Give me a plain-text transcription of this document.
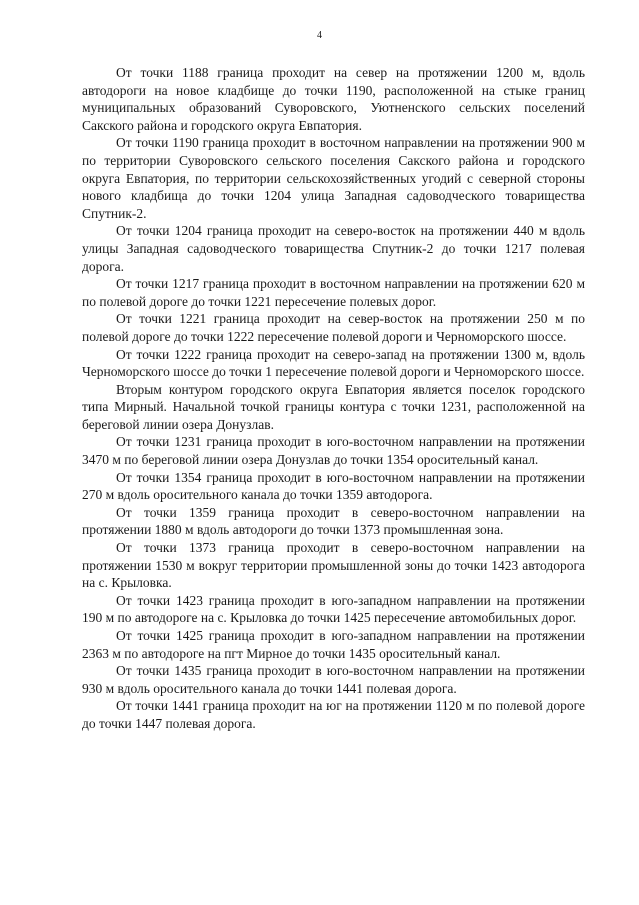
4

От точки 1188 граница проходит на север на протяжении 1200 м, вдоль автодороги на новое кладбище до точки 1190, расположенной на стыке границ муниципальных образований Суворовского, Уютненского сельских поселений Сакского района и городского округа Евпатория.

От точки 1190 граница проходит в восточном направлении на протяжении 900 м по территории Суворовского сельского поселения Сакского района и городского округа Евпатория, по территории сельскохозяйственных угодий с северной стороны нового кладбища до точки 1204 улица Западная садоводческого товарищества Спутник-2.

От точки 1204 граница проходит на северо-восток на протяжении 440 м вдоль улицы Западная садоводческого товарищества Спутник-2 до точки 1217 полевая дорога.

От точки 1217 граница проходит в восточном направлении на протяжении 620 м по полевой дороге до точки 1221 пересечение полевых дорог.

От точки 1221 граница проходит на север-восток на протяжении 250 м по полевой дороге до точки 1222 пересечение полевой дороги и Черноморского шоссе.

От точки 1222 граница проходит на северо-запад на протяжении 1300 м, вдоль Черноморского шоссе до точки 1 пересечение полевой дороги и Черноморского шоссе.

Вторым контуром городского округа Евпатория является поселок городского типа Мирный. Начальной точкой границы контура с точки 1231, расположенной на береговой линии озера Донузлав.

От точки 1231 граница проходит в юго-восточном направлении на протяжении 3470 м по береговой линии озера Донузлав до точки 1354 оросительный канал.

От точки 1354 граница проходит в юго-восточном направлении на протяжении 270 м вдоль оросительного канала до точки 1359 автодорога.

От точки 1359 граница проходит в северо-восточном направлении на протяжении 1880 м вдоль автодороги до точки 1373 промышленная зона.

От точки 1373 граница проходит в северо-восточном направлении на протяжении 1530 м вокруг территории промышленной зоны до точки 1423 автодорога на с. Крыловка.

От точки 1423 граница проходит в юго-западном направлении на протяжении 190 м по автодороге на с. Крыловка до точки 1425 пересечение автомобильных дорог.

От точки 1425 граница проходит в юго-западном направлении на протяжении 2363 м по автодороге на пгт Мирное до точки 1435 оросительный канал.

От точки 1435 граница проходит в юго-восточном направлении на протяжении 930 м вдоль оросительного канала до точки 1441 полевая дорога.

От точки 1441 граница проходит на юг на протяжении 1120 м по полевой дороге до точки 1447 полевая дорога.
